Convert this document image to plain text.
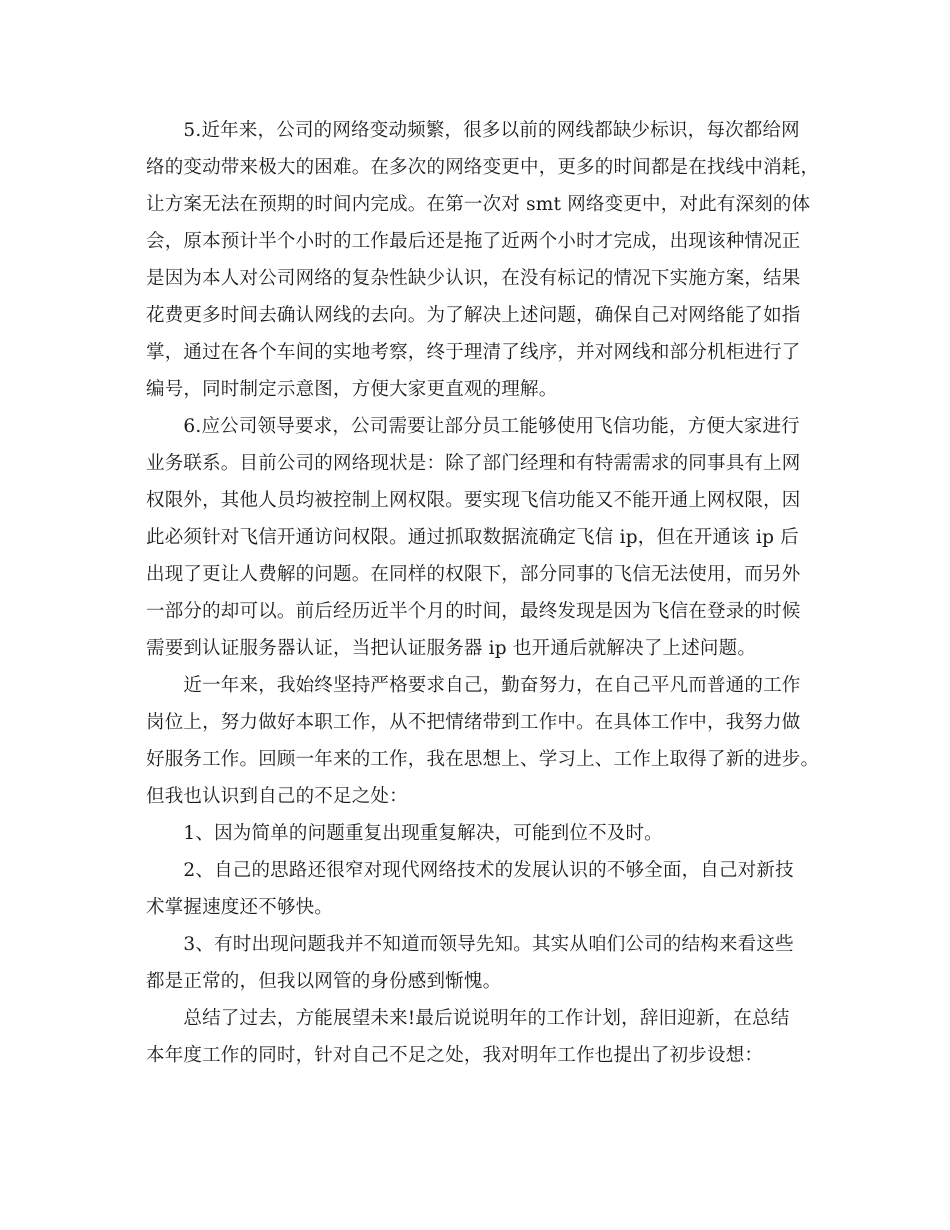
　　5.近年来，公司的网络变动频繁，很多以前的网线都缺少标识，每次都给网

络的变动带来极大的困难。在多次的网络变更中，更多的时间都是在找线中消耗，

让方案无法在预期的时间内完成。在第一次对 smt 网络变更中，对此有深刻的体

会，原本预计半个小时的工作最后还是拖了近两个小时才完成，出现该种情况正

是因为本人对公司网络的复杂性缺少认识，在没有标记的情况下实施方案，结果

花费更多时间去确认网线的去向。为了解决上述问题，确保自己对网络能了如指

掌，通过在各个车间的实地考察，终于理清了线序，并对网线和部分机柜进行了

编号，同时制定示意图，方便大家更直观的理解。

　　6.应公司领导要求，公司需要让部分员工能够使用飞信功能，方便大家进行

业务联系。目前公司的网络现状是：除了部门经理和有特需需求的同事具有上网

权限外，其他人员均被控制上网权限。要实现飞信功能又不能开通上网权限，因

此必须针对飞信开通访问权限。通过抓取数据流确定飞信 ip，但在开通该 ip 后

出现了更让人费解的问题。在同样的权限下，部分同事的飞信无法使用，而另外

一部分的却可以。前后经历近半个月的时间，最终发现是因为飞信在登录的时候

需要到认证服务器认证，当把认证服务器 ip 也开通后就解决了上述问题。

　　近一年来，我始终坚持严格要求自己，勤奋努力，在自己平凡而普通的工作

岗位上，努力做好本职工作，从不把情绪带到工作中。在具体工作中，我努力做

好服务工作。回顾一年来的工作，我在思想上、学习上、工作上取得了新的进步。

但我也认识到自己的不足之处：

　　1、因为简单的问题重复出现重复解决，可能到位不及时。

　　2、自己的思路还很窄对现代网络技术的发展认识的不够全面，自己对新技

术掌握速度还不够快。

　　3、有时出现问题我并不知道而领导先知。其实从咱们公司的结构来看这些

都是正常的，但我以网管的身份感到惭愧。

　　总结了过去，方能展望未来!最后说说明年的工作计划，辞旧迎新，在总结

本年度工作的同时，针对自己不足之处，我对明年工作也提出了初步设想：
